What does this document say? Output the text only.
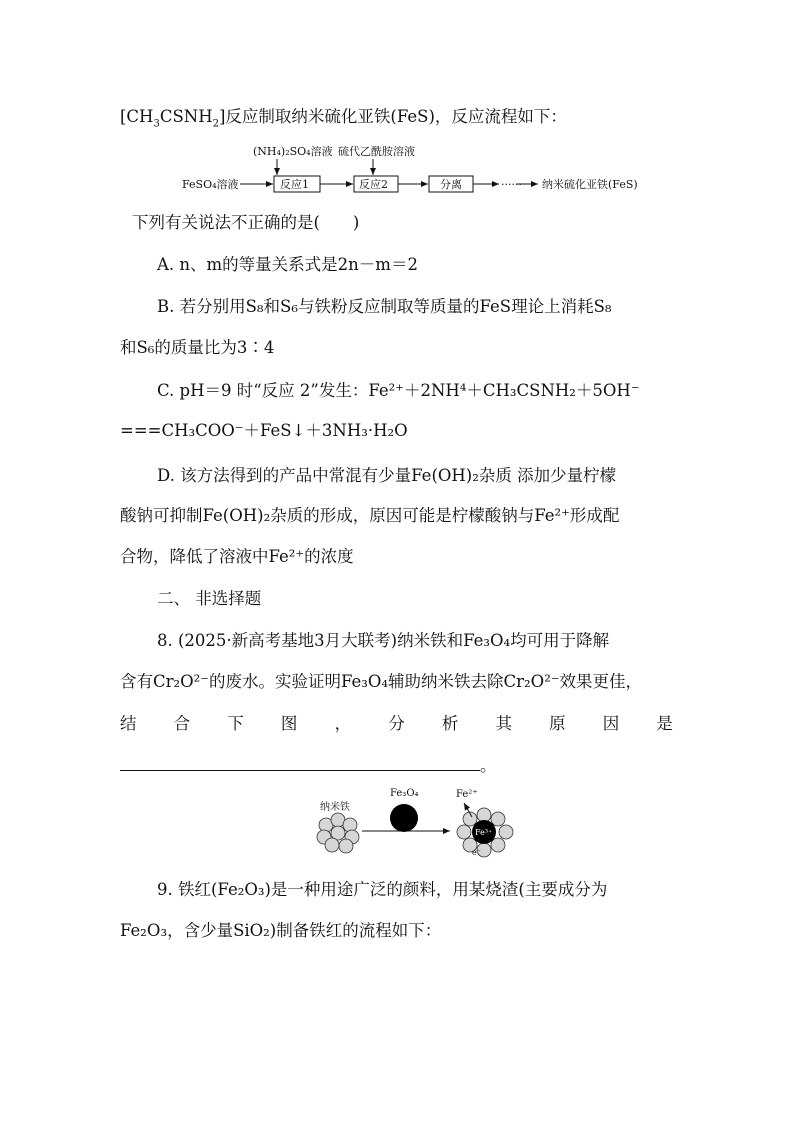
$[CH_3CSNH_2]$反应制取纳米硫化亚铁(FeS)，反应流程如下：
(NH₄)₂SO₄溶液 硫代乙酰胺溶液
FeSO₄溶液	反应1	反应2	分离	······ 纳米硫化亚铁(FeS)
下列有关说法不正确的是(　　)
A. n、m的等量关系式是2n－m＝2
B. 若分别用S₈和S₆与铁粉反应制取等质量的FeS理论上消耗S₈
和S₆的质量比为3∶4
C. pH＝9 时“反应 2”发生：Fe²⁺＋2NH⁴＋CH₃CSNH₂＋5OH⁻
===CH₃COO⁻＋FeS↓＋3NH₃·H₂O
D. 该方法得到的产品中常混有少量Fe(OH)₂杂质 添加少量柠檬
酸钠可抑制Fe(OH)₂杂质的形成，原因可能是柠檬酸钠与Fe²⁺形成配
合物，降低了溶液中Fe²⁺的浓度
二、 非选择题
8. (2025·新高考基地3月大联考)纳米铁和Fe₃O₄均可用于降解
含有Cr₂O²⁻的废水。实验证明Fe₃O₄辅助纳米铁去除Cr₂O²⁻效果更佳，
结 合 下 图 ， 分 析 其 原 因 是
。
纳米铁
Fe₃O₄
Fe³⁺
Fe²⁺
e⁻
9. 铁红(Fe₂O₃)是一种用途广泛的颜料，用某烧渣(主要成分为
Fe₂O₃，含少量SiO₂)制备铁红的流程如下：
